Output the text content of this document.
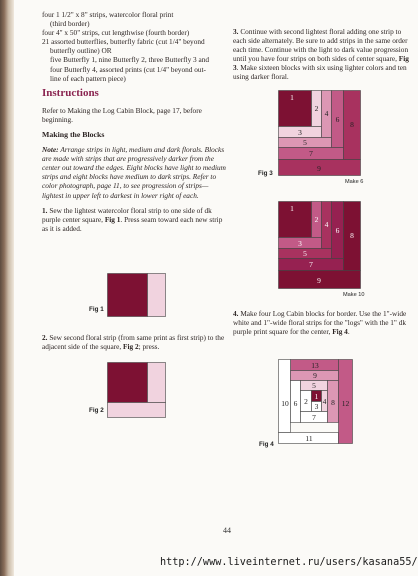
four 1 1/2" x 8" strips, watercolor floral print
(third border)
four 4" x 50" strips, cut lengthwise (fourth border)
21 assorted butterflies, butterfly fabric (cut 1/4" beyond
butterfly outline) OR
five Butterfly 1, nine Butterfly 2, three Butterfly 3 and
four Butterfly 4, assorted prints (cut 1/4" beyond out-
line of each pattern piece)
Instructions

Refer to Making the Log Cabin Block, page 17, before beginning.

Making the Blocks

Note: Arrange strips in light, medium and dark florals. Blocks are made with strips that are progressively darker from the center out toward the edges. Eight blocks have light to medium strips and eight blocks have medium to dark strips. Refer to color photograph, page 11, to see progression of strips—lightest in upper left to darkest in lower right of each.

1. Sew the lightest watercolor floral strip to one side of dk purple center square, Fig 1. Press seam toward each new strip as it is added.

Fig 1

2. Sew second floral strip (from same print as first strip) to the adjacent side of the square, Fig 2; press.

Fig 2

3. Continue with second lightest floral adding one strip to each side alternately. Be sure to add strips in the same order each time. Continue with the light to dark value progression until you have four strips on both sides of center square, Fig 3. Make sixteen blocks with six using lighter colors and ten using darker floral.

1
2
3
4
5
6
7
8
9
Fig 3
Make 6
1
2
3
4
5
6
7
8
9
Make 10

4. Make four Log Cabin blocks for border. Use the 1"-wide white and 1"-wide floral strips for the "logs" with the 1" dk purple print square for the center, Fig 4.

13
9
5
10 6 2
1
3
4 8
7
12
11
Fig 4
44
http://www.liveinternet.ru/users/kasana55/
